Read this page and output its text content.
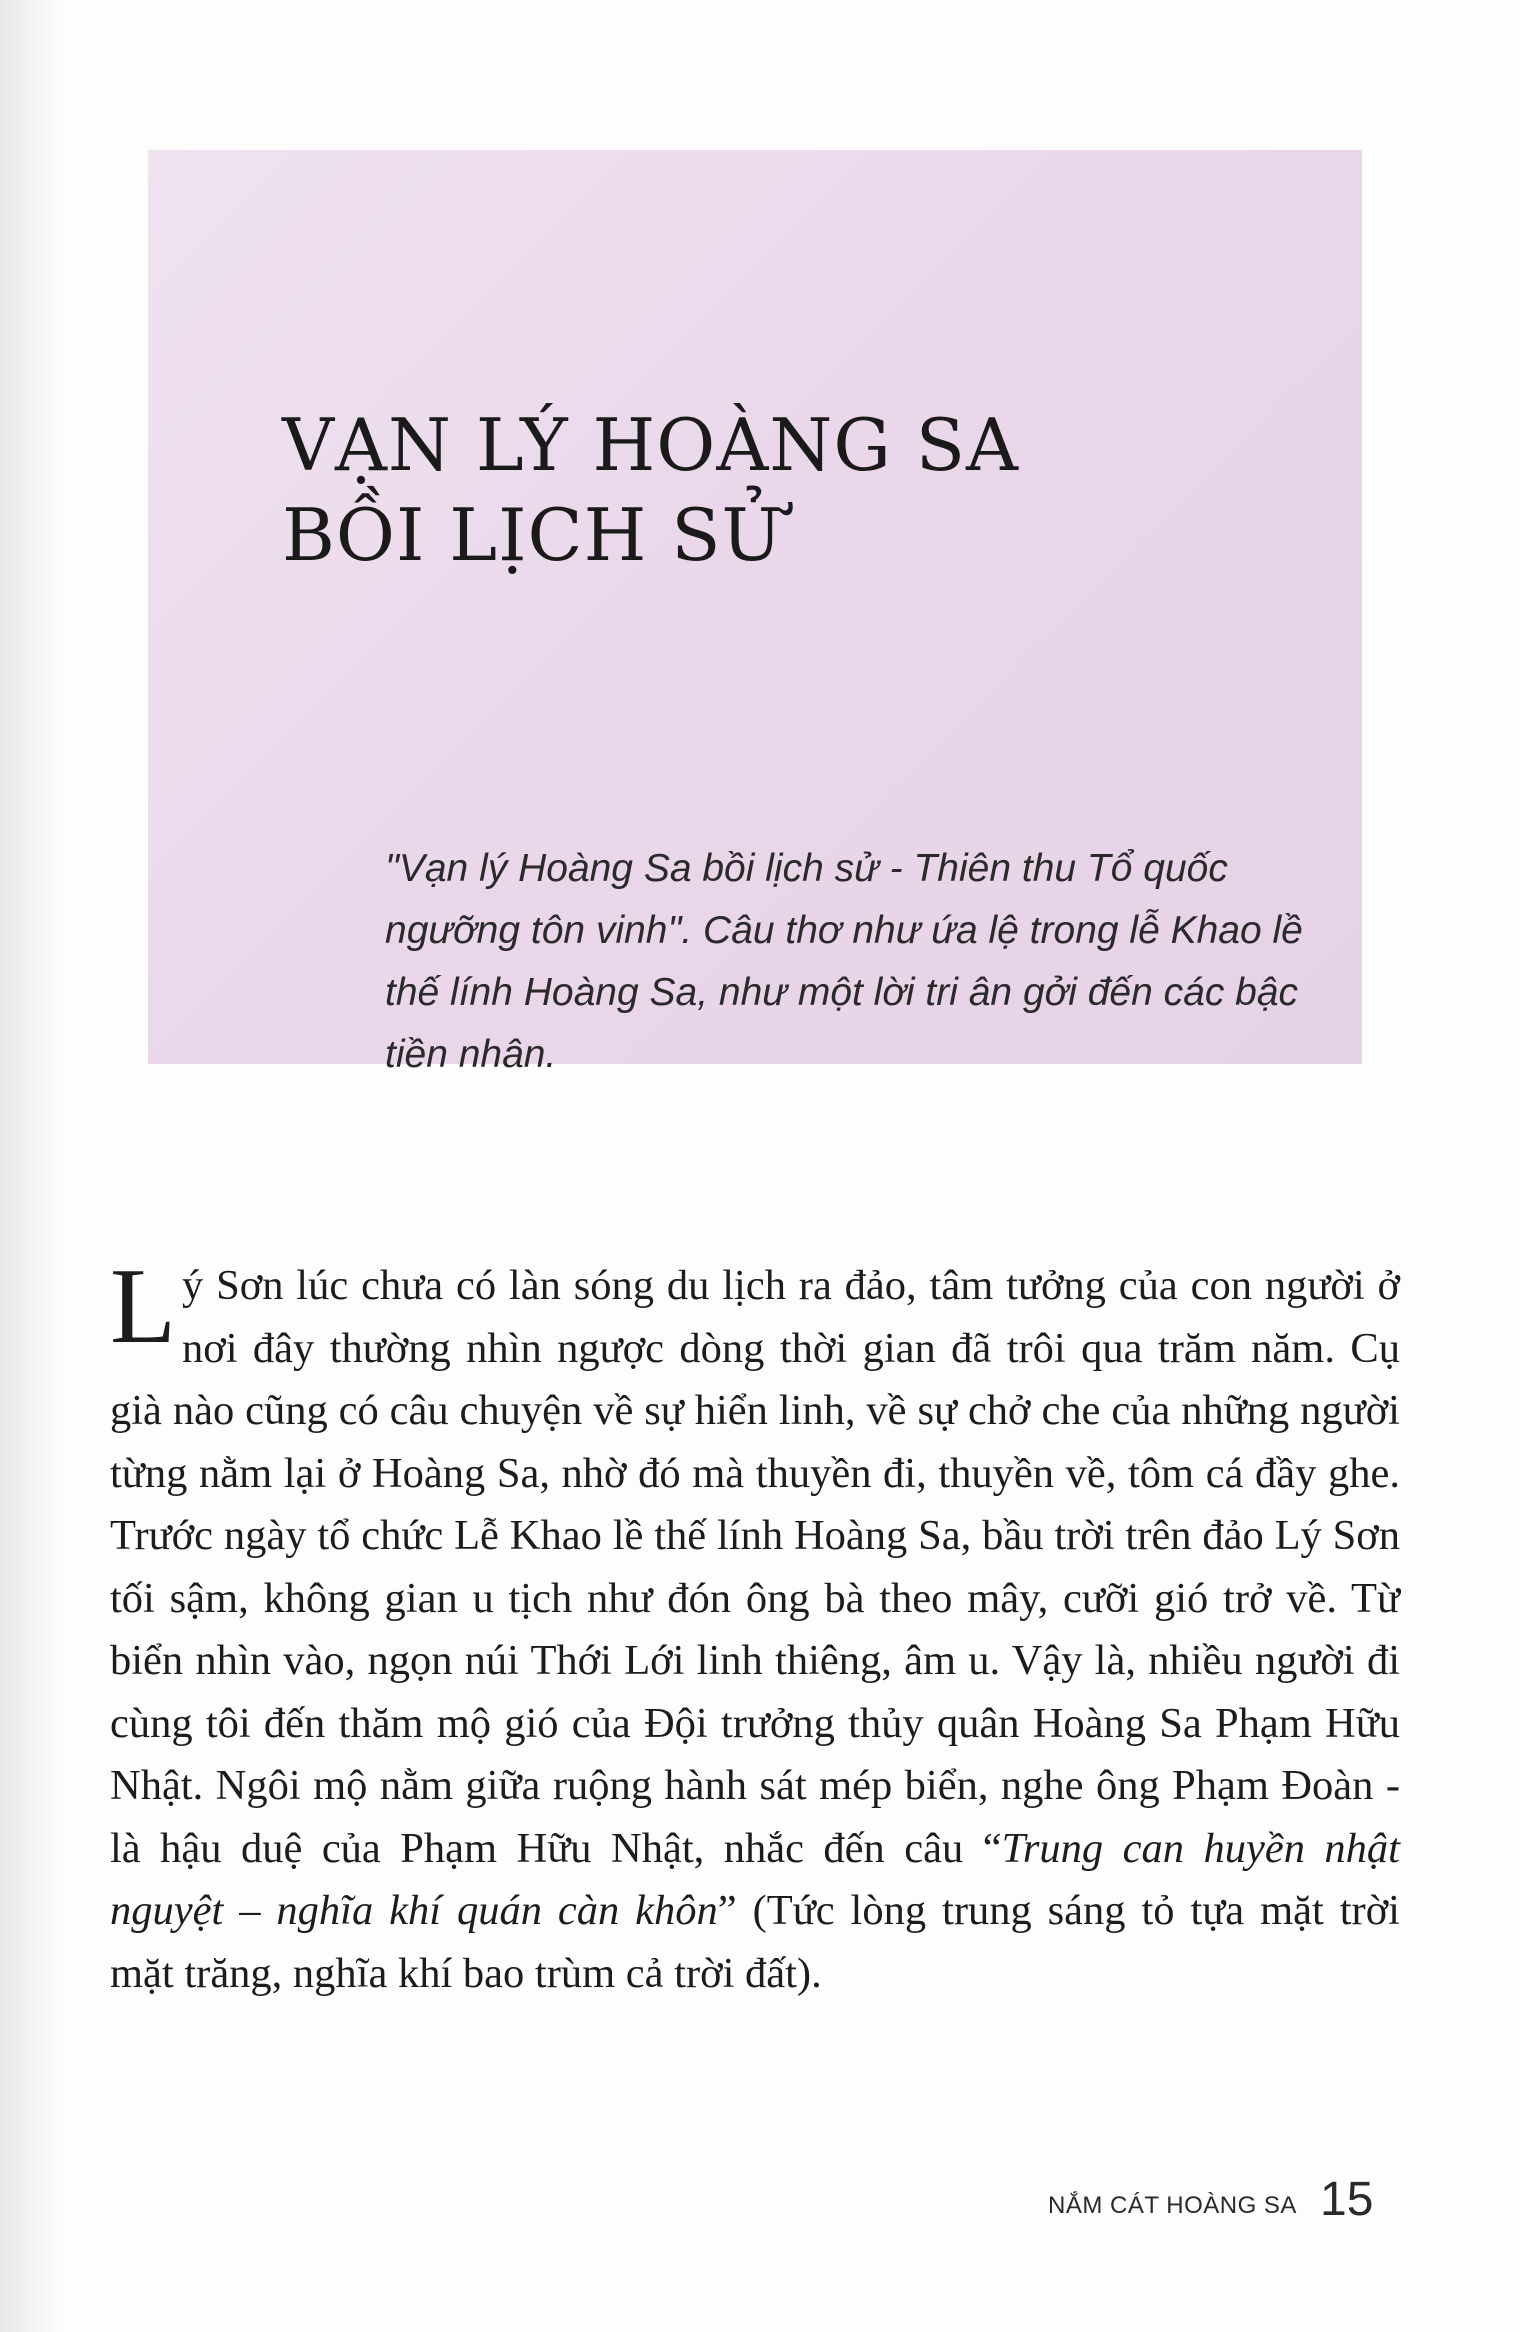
VẠN LÝ HOÀNG SA
BỒI LỊCH SỬ

"Vạn lý Hoàng Sa bồi lịch sử - Thiên thu Tổ quốc ngưỡng tôn vinh". Câu thơ như ứa lệ trong lễ Khao lề thế lính Hoàng Sa, như một lời tri ân gởi đến các bậc tiền nhân.

Lý Sơn lúc chưa có làn sóng du lịch ra đảo, tâm tưởng của con người ở nơi đây thường nhìn ngược dòng thời gian đã trôi qua trăm năm. Cụ già nào cũng có câu chuyện về sự hiển linh, về sự chở che của những người từng nằm lại ở Hoàng Sa, nhờ đó mà thuyền đi, thuyền về, tôm cá đầy ghe. Trước ngày tổ chức Lễ Khao lề thế lính Hoàng Sa, bầu trời trên đảo Lý Sơn tối sậm, không gian u tịch như đón ông bà theo mây, cưỡi gió trở về. Từ biển nhìn vào, ngọn núi Thới Lới linh thiêng, âm u. Vậy là, nhiều người đi cùng tôi đến thăm mộ gió của Đội trưởng thủy quân Hoàng Sa Phạm Hữu Nhật. Ngôi mộ nằm giữa ruộng hành sát mép biển, nghe ông Phạm Đoàn - là hậu duệ của Phạm Hữu Nhật, nhắc đến câu “Trung can huyền nhật nguyệt – nghĩa khí quán càn khôn” (Tức lòng trung sáng tỏ tựa mặt trời mặt trăng, nghĩa khí bao trùm cả trời đất).

NẮM CÁT HOÀNG SA 15
